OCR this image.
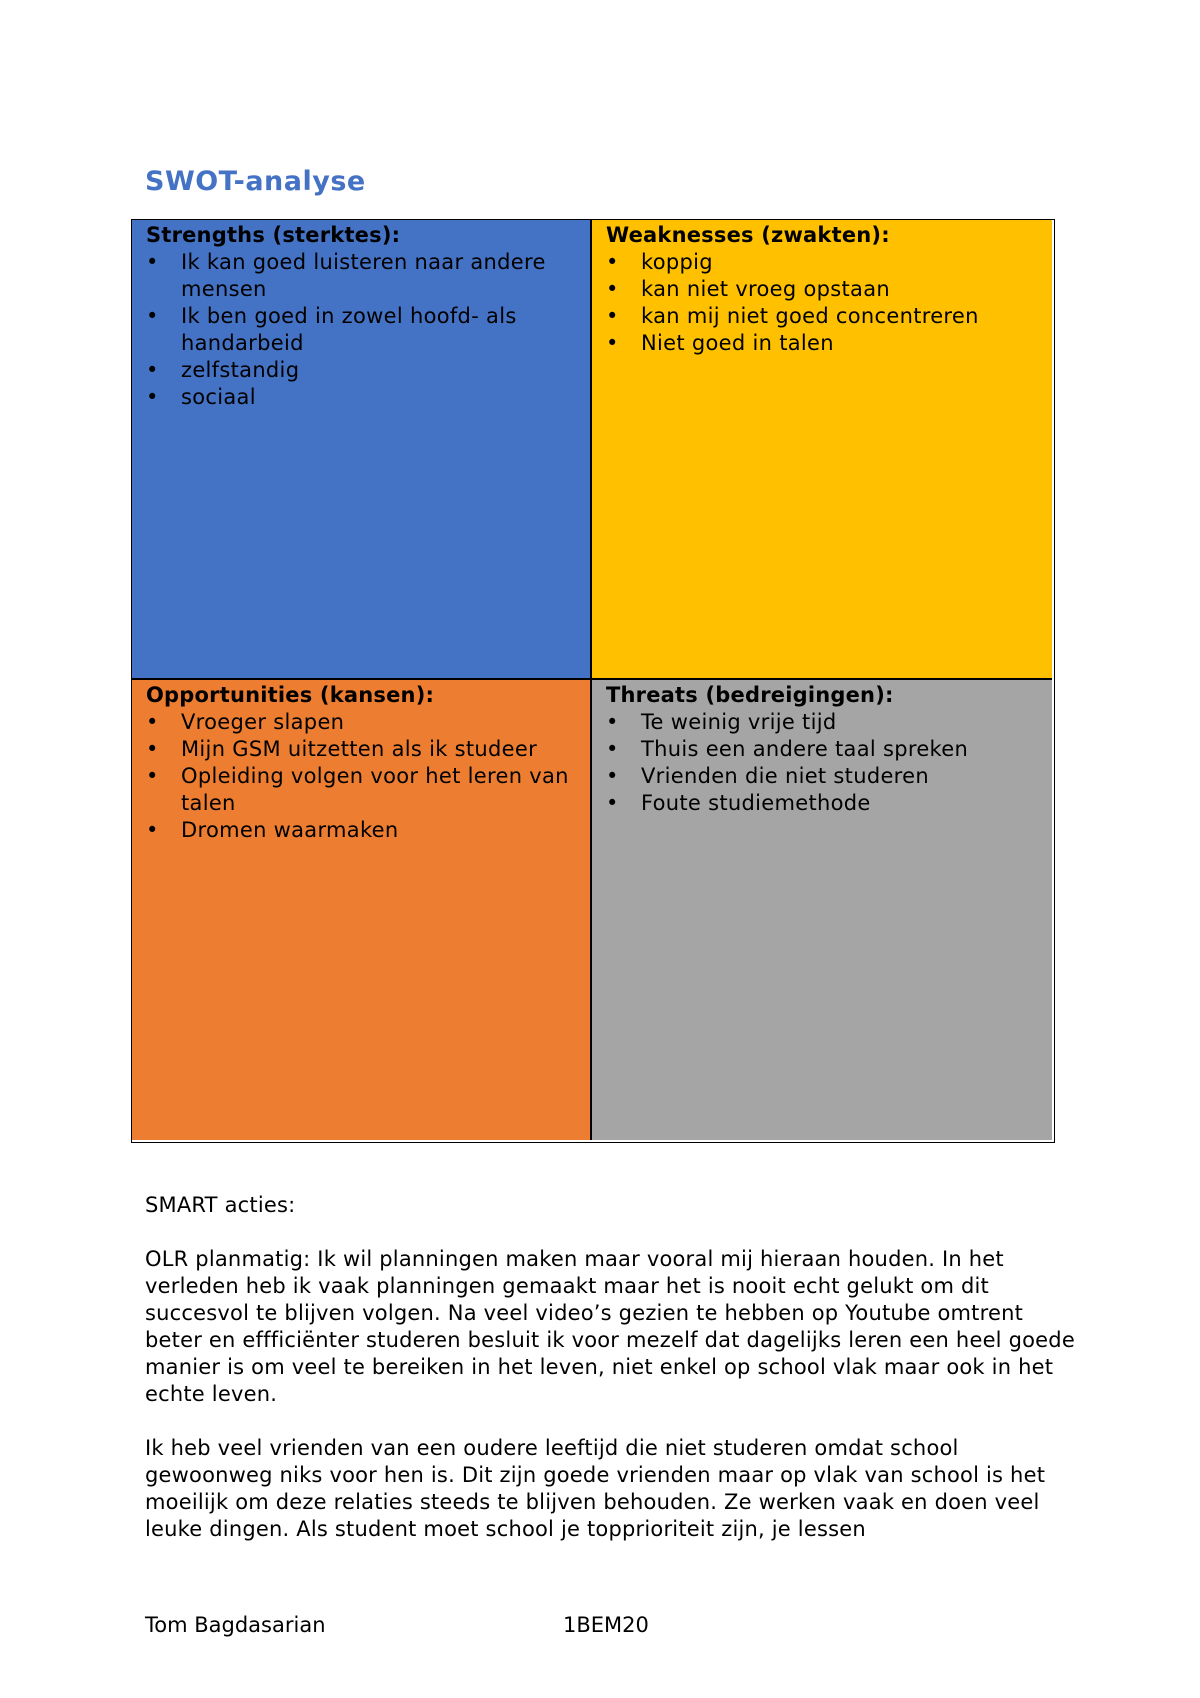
SWOT-analyse
Strengths (sterktes):
• Ik kan goed luisteren naar andere mensen
• Ik ben goed in zowel hoofd- als handarbeid
• zelfstandig
• sociaal
Weaknesses (zwakten):
• koppig
• kan niet vroeg opstaan
• kan mij niet goed concentreren
• Niet goed in talen
Opportunities (kansen):
• Vroeger slapen
• Mijn GSM uitzetten als ik studeer
• Opleiding volgen voor het leren van talen
• Dromen waarmaken
Threats (bedreigingen):
• Te weinig vrije tijd
• Thuis een andere taal spreken
• Vrienden die niet studeren
• Foute studiemethode

SMART acties:

OLR planmatig: Ik wil planningen maken maar vooral mij hieraan houden. In het verleden heb ik vaak planningen gemaakt maar het is nooit echt gelukt om dit succesvol te blijven volgen. Na veel video’s gezien te hebben op Youtube omtrent beter en effficiënter studeren besluit ik voor mezelf dat dagelijks leren een heel goede manier is om veel te bereiken in het leven, niet enkel op school vlak maar ook in het echte leven.

Ik heb veel vrienden van een oudere leeftijd die niet studeren omdat school gewoonweg niks voor hen is. Dit zijn goede vrienden maar op vlak van school is het moeilijk om deze relaties steeds te blijven behouden. Ze werken vaak en doen veel leuke dingen. Als student moet school je topprioriteit zijn, je lessen

Tom Bagdasarian	1BEM20
